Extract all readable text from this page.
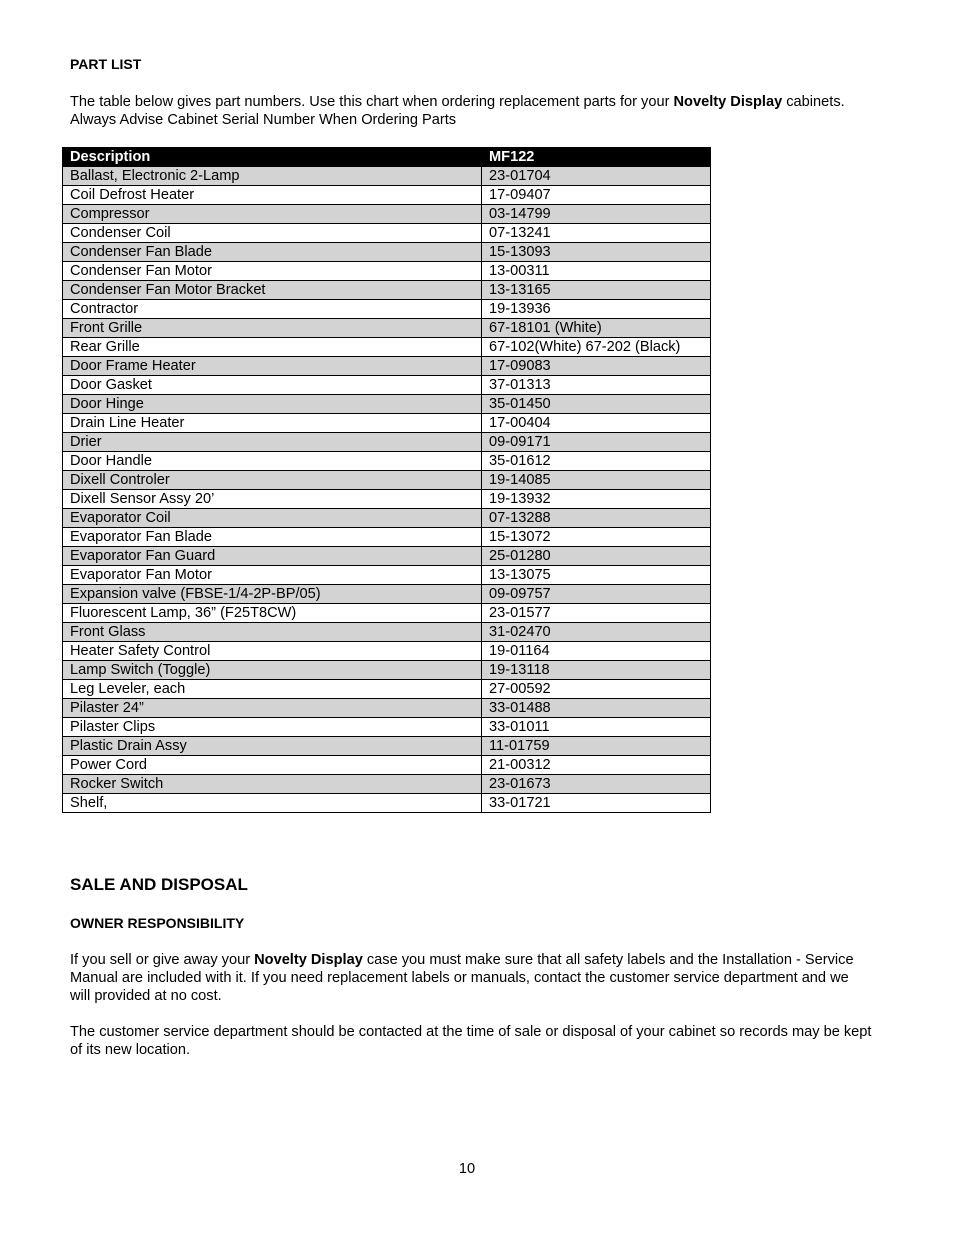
PART LIST

The table below gives part numbers. Use this chart when ordering replacement parts for your Novelty Display cabinets. Always Advise Cabinet Serial Number When Ordering Parts

Description	MF122
Ballast, Electronic 2-Lamp	23-01704
Coil Defrost Heater	17-09407
Compressor	03-14799
Condenser Coil	07-13241
Condenser Fan Blade	15-13093
Condenser Fan Motor	13-00311
Condenser Fan Motor Bracket	13-13165
Contractor	19-13936
Front Grille	67-18101 (White)
Rear Grille	67-102(White) 67-202 (Black)
Door Frame Heater	17-09083
Door Gasket	37-01313
Door Hinge	35-01450
Drain Line Heater	17-00404
Drier	09-09171
Door Handle	35-01612
Dixell Controler	19-14085
Dixell Sensor Assy 20’	19-13932
Evaporator Coil	07-13288
Evaporator Fan Blade	15-13072
Evaporator Fan Guard	25-01280
Evaporator Fan Motor	13-13075
Expansion valve (FBSE-1/4-2P-BP/05)	09-09757
Fluorescent Lamp, 36” (F25T8CW)	23-01577
Front Glass	31-02470
Heater Safety Control	19-01164
Lamp Switch (Toggle)	19-13118
Leg Leveler, each	27-00592
Pilaster 24”	33-01488
Pilaster Clips	33-01011
Plastic Drain Assy	11-01759
Power Cord	21-00312
Rocker Switch	23-01673
Shelf,	33-01721
SALE AND DISPOSAL
OWNER RESPONSIBILITY

If you sell or give away your Novelty Display case you must make sure that all safety labels and the Installation - Service Manual are included with it. If you need replacement labels or manuals, contact the customer service department and we will provided at no cost.

The customer service department should be contacted at the time of sale or disposal of your cabinet so records may be kept of its new location.

10
